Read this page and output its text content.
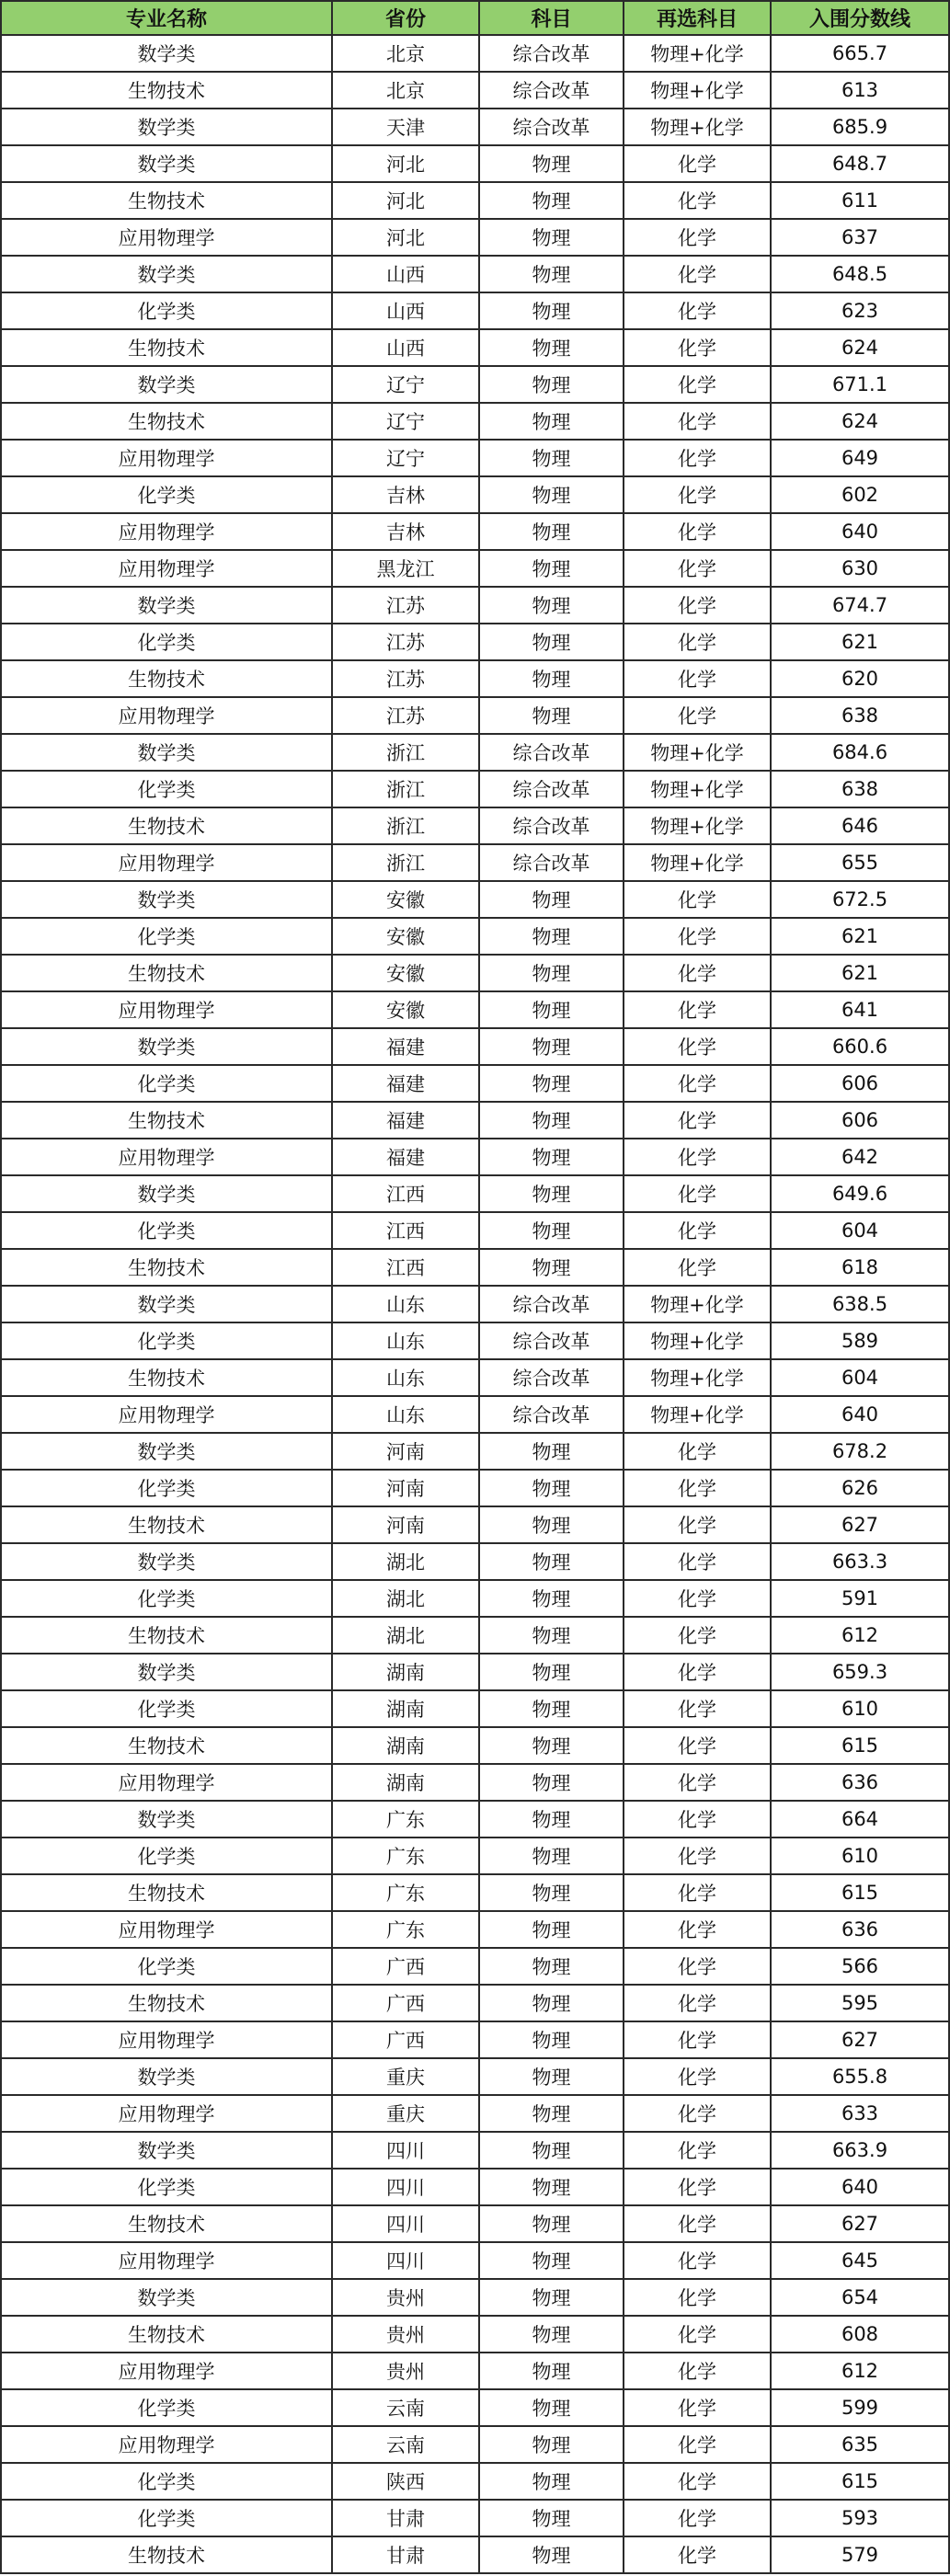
专业名称	省份	科目	再选科目	入围分数线
数学类	北京	综合改革	物理+化学	665.7
生物技术	北京	综合改革	物理+化学	613
数学类	天津	综合改革	物理+化学	685.9
数学类	河北	物理	化学	648.7
生物技术	河北	物理	化学	611
应用物理学	河北	物理	化学	637
数学类	山西	物理	化学	648.5
化学类	山西	物理	化学	623
生物技术	山西	物理	化学	624
数学类	辽宁	物理	化学	671.1
生物技术	辽宁	物理	化学	624
应用物理学	辽宁	物理	化学	649
化学类	吉林	物理	化学	602
应用物理学	吉林	物理	化学	640
应用物理学	黑龙江	物理	化学	630
数学类	江苏	物理	化学	674.7
化学类	江苏	物理	化学	621
生物技术	江苏	物理	化学	620
应用物理学	江苏	物理	化学	638
数学类	浙江	综合改革	物理+化学	684.6
化学类	浙江	综合改革	物理+化学	638
生物技术	浙江	综合改革	物理+化学	646
应用物理学	浙江	综合改革	物理+化学	655
数学类	安徽	物理	化学	672.5
化学类	安徽	物理	化学	621
生物技术	安徽	物理	化学	621
应用物理学	安徽	物理	化学	641
数学类	福建	物理	化学	660.6
化学类	福建	物理	化学	606
生物技术	福建	物理	化学	606
应用物理学	福建	物理	化学	642
数学类	江西	物理	化学	649.6
化学类	江西	物理	化学	604
生物技术	江西	物理	化学	618
数学类	山东	综合改革	物理+化学	638.5
化学类	山东	综合改革	物理+化学	589
生物技术	山东	综合改革	物理+化学	604
应用物理学	山东	综合改革	物理+化学	640
数学类	河南	物理	化学	678.2
化学类	河南	物理	化学	626
生物技术	河南	物理	化学	627
数学类	湖北	物理	化学	663.3
化学类	湖北	物理	化学	591
生物技术	湖北	物理	化学	612
数学类	湖南	物理	化学	659.3
化学类	湖南	物理	化学	610
生物技术	湖南	物理	化学	615
应用物理学	湖南	物理	化学	636
数学类	广东	物理	化学	664
化学类	广东	物理	化学	610
生物技术	广东	物理	化学	615
应用物理学	广东	物理	化学	636
化学类	广西	物理	化学	566
生物技术	广西	物理	化学	595
应用物理学	广西	物理	化学	627
数学类	重庆	物理	化学	655.8
应用物理学	重庆	物理	化学	633
数学类	四川	物理	化学	663.9
化学类	四川	物理	化学	640
生物技术	四川	物理	化学	627
应用物理学	四川	物理	化学	645
数学类	贵州	物理	化学	654
生物技术	贵州	物理	化学	608
应用物理学	贵州	物理	化学	612
化学类	云南	物理	化学	599
应用物理学	云南	物理	化学	635
化学类	陕西	物理	化学	615
化学类	甘肃	物理	化学	593
生物技术	甘肃	物理	化学	579
